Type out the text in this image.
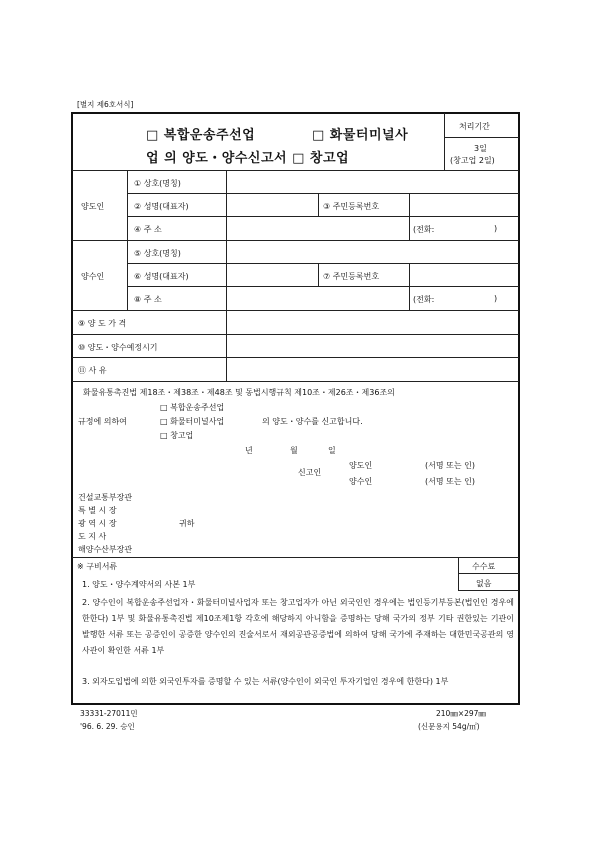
[별지 제6호서식]
□ 복합운송주선업	□ 화물터미널사
업 의 양도・양수신고서 □ 창고업
처리기간
3일
(창고업 2일)
양도인
① 상호(명칭)
② 성명(대표자)	③ 주민등록번호
④ 주 소	(전화:	)
양수인
⑤ 상호(명칭)
⑥ 성명(대표자)	⑦ 주민등록번호
⑧ 주 소	(전화:	)
⑨ 양 도 가 격
⑩ 양도・양수예정시기
⑪ 사 유
화물유통촉진법 제18조・제38조・제48조 및 동법시행규칙 제10조・제26조・제36조의
규정에 의하여
□ 복합운송주선업
□ 화물터미널사업
□ 창고업
의 양도・양수를 신고합니다.
년	월	일
신고인
양도인
양수인
(서명 또는 인)
(서명 또는 인)
건설교통부장관
특 별 시 장
광 역 시 장
도 지 사
해양수산부장관
귀하
※ 구비서류	수수료
없음
1. 양도・양수계약서의 사본 1부
2. 양수인이 복합운송주선업자・화물터미널사업자 또는 창고업자가 아닌 외국인인 경우에는 법인등기부등본(법인인 경우에 한한다) 1부 및 화물유통촉진법 제10조제1항 각호에 해당하지 아니함을 증명하는 당해 국가의 정부 기타 권한있는 기관이 발행한 서류 또는 공증인이 공증한 양수인의 진술서로서 재외공관공증법에 의하여 당해 국가에 주재하는 대한민국공관의 영사관이 확인한 서류 1부
3. 외자도입법에 의한 외국인투자를 증명할 수 있는 서류(양수인이 외국인 투자기업인 경우에 한한다) 1부
33331-27011민
'96. 6. 29. 승인
210㎜×297㎜
(신문용지 54g/㎡)
